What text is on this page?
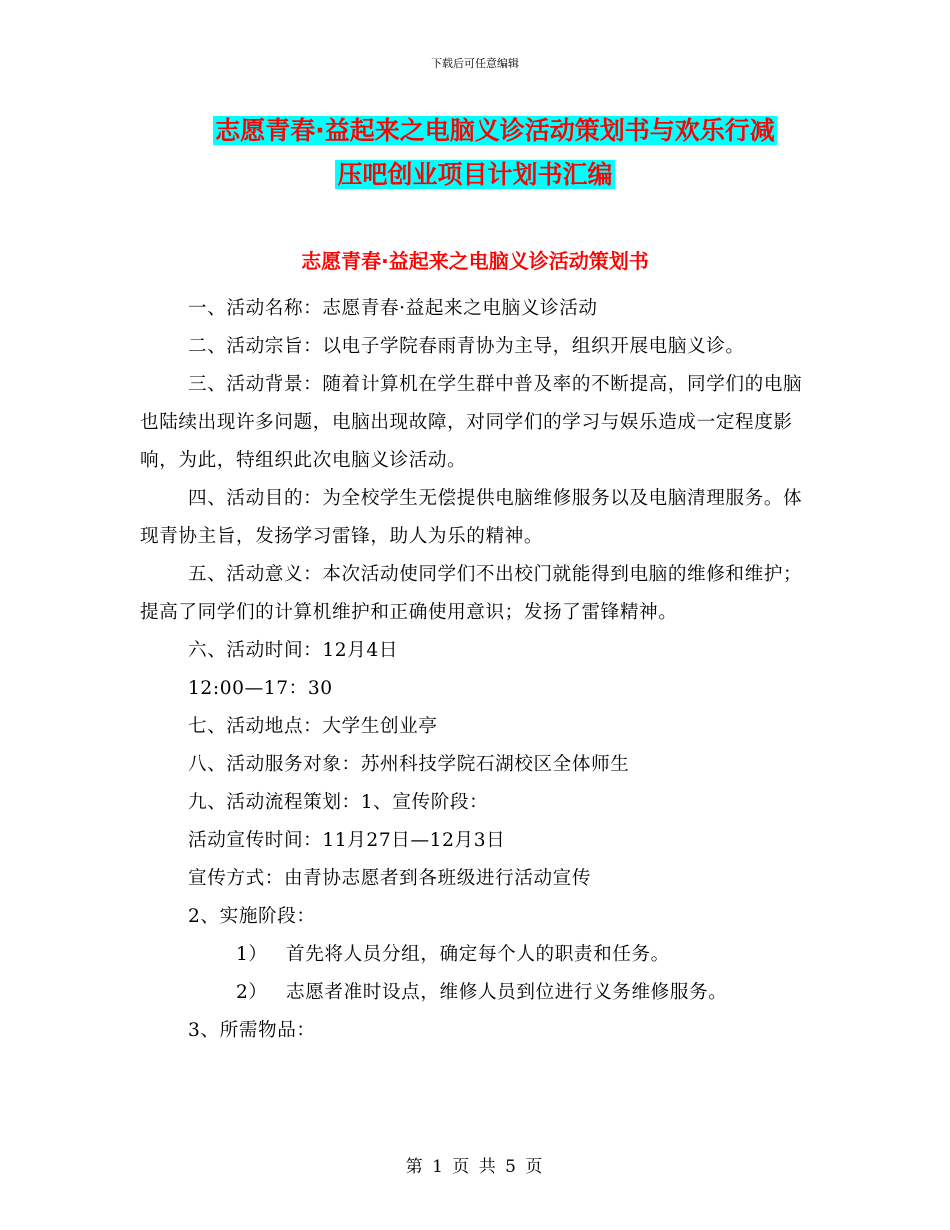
下载后可任意编辑
志愿青春·益起来之电脑义诊活动策划书与欢乐行减
压吧创业项目计划书汇编
志愿青春·益起来之电脑义诊活动策划书

一、活动名称：志愿青春·益起来之电脑义诊活动

二、活动宗旨：以电子学院春雨青协为主导，组织开展电脑义诊。

三、活动背景：随着计算机在学生群中普及率的不断提高，同学们的电脑也陆续出现许多问题，电脑出现故障，对同学们的学习与娱乐造成一定程度影响，为此，特组织此次电脑义诊活动。

四、活动目的：为全校学生无偿提供电脑维修服务以及电脑清理服务。体现青协主旨，发扬学习雷锋，助人为乐的精神。

五、活动意义：本次活动使同学们不出校门就能得到电脑的维修和维护；提高了同学们的计算机维护和正确使用意识；发扬了雷锋精神。

六、活动时间：12月4日

12:00—17：30

七、活动地点：大学生创业亭

八、活动服务对象：苏州科技学院石湖校区全体师生

九、活动流程策划：1、宣传阶段：

活动宣传时间：11月27日—12月3日

宣传方式：由青协志愿者到各班级进行活动宣传

2、实施阶段：

1） 首先将人员分组，确定每个人的职责和任务。

2） 志愿者准时设点，维修人员到位进行义务维修服务。

3、所需物品：

第 1 页 共 5 页
